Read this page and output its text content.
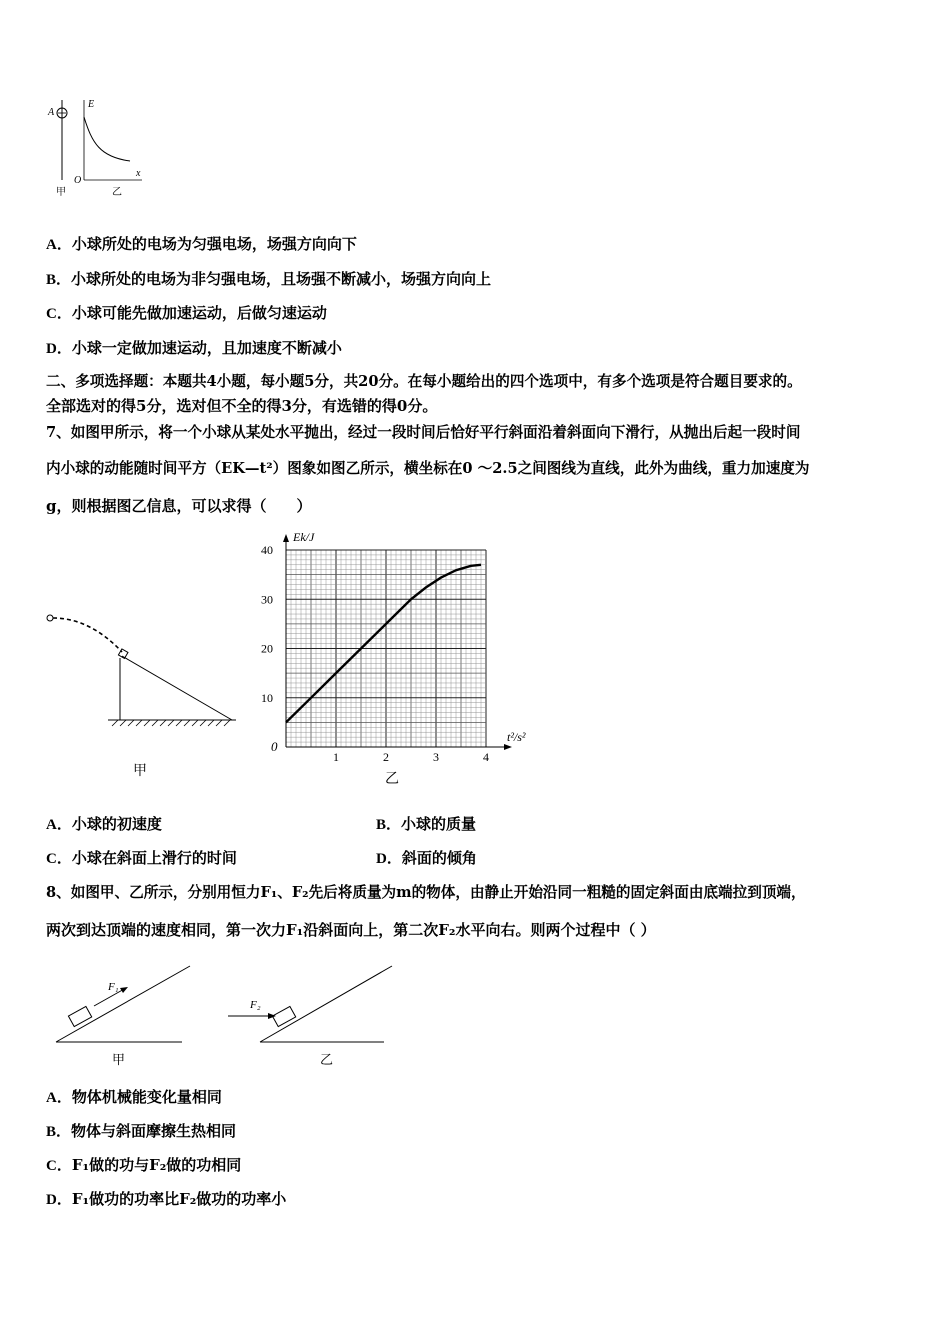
A
甲
E
x
O
乙
A．小球所处的电场为匀强电场，场强方向向下
B．小球所处的电场为非匀强电场，且场强不断减小，场强方向向上
C．小球可能先做加速运动，后做匀速运动
D．小球一定做加速运动，且加速度不断减小
二、多项选择题：本题共4小题，每小题5分，共20分。在每小题给出的四个选项中，有多个选项是符合题目要求的。
全部选对的得5分，选对但不全的得3分，有选错的得0分。
7、如图甲所示，将一个小球从某处水平抛出，经过一段时间后恰好平行斜面沿着斜面向下滑行，从抛出后起一段时间
内小球的动能随时间平方（EK—t²）图象如图乙所示，横坐标在0 ～2.5之间图线为直线，此外为曲线，重力加速度为
g，则根据图乙信息，可以求得（　　）
甲
1	2	3	4
10
20
30
40
Ek/J
t²/s²
0
乙
A．小球的初速度	B．小球的质量
C．小球在斜面上滑行的时间	D．斜面的倾角
8、如图甲、乙所示，分别用恒力F₁、F₂先后将质量为m的物体，由静止开始沿同一粗糙的固定斜面由底端拉到顶端，
两次到达顶端的速度相同，第一次力F₁沿斜面向上，第二次F₂水平向右。则两个过程中（ ）
F₁
甲
F₂
乙
A．物体机械能变化量相同
B．物体与斜面摩擦生热相同
C．F₁做的功与F₂做的功相同
D．F₁做功的功率比F₂做功的功率小
